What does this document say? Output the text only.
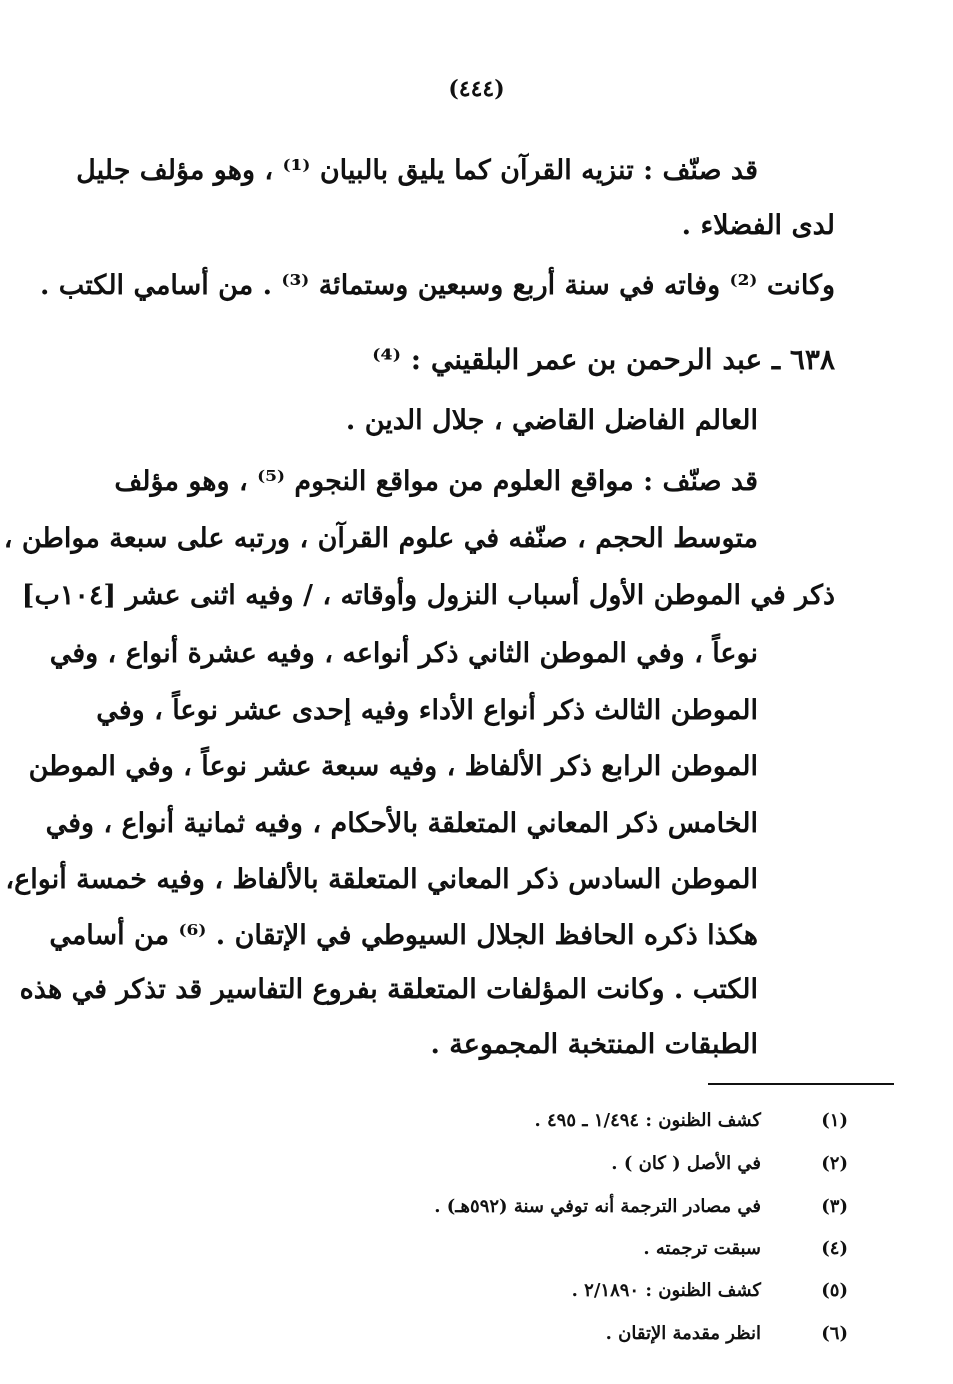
(٤٤٤)
قد صنّف : تنزيه القرآن كما يليق بالبيان ⁽¹⁾ ، وهو مؤلف جليل
لدى الفضلاء .
وكانت ⁽²⁾ وفاته في سنة أربع وسبعين وستمائة ⁽³⁾ . من أسامي الكتب .
٦٣٨ ـ عبد الرحمن بن عمر البلقيني : ⁽⁴⁾
العالم الفاضل القاضي ، جلال الدين .
قد صنّف : مواقع العلوم من مواقع النجوم ⁽⁵⁾ ، وهو مؤلف
متوسط الحجم ، صنّفه في علوم القرآن ، ورتبه على سبعة مواطن ،
ذكر في الموطن الأول أسباب النزول وأوقاته ، / وفيه اثنى عشر [١٠٤ب]
نوعاً ، وفي الموطن الثاني ذكر أنواعه ، وفيه عشرة أنواع ، وفي
الموطن الثالث ذكر أنواع الأداء وفيه إحدى عشر نوعاً ، وفي
الموطن الرابع ذكر الألفاظ ، وفيه سبعة عشر نوعاً ، وفي الموطن
الخامس ذكر المعاني المتعلقة بالأحكام ، وفيه ثمانية أنواع ، وفي
الموطن السادس ذكر المعاني المتعلقة بالألفاظ ، وفيه خمسة أنواع،
هكذا ذكره الحافظ الجلال السيوطي في الإتقان . ⁽⁶⁾ من أسامي
الكتب . وكانت المؤلفات المتعلقة بفروع التفاسير قد تذكر في هذه
الطبقات المنتخبة المجموعة .
(١)
كشف الظنون : ١/٤٩٤ ـ ٤٩٥ .
(٢)
في الأصل ( كان ) .
(٣)
في مصادر الترجمة أنه توفي سنة (٥٩٢هـ) .
(٤)
سبقت ترجمته .
(٥)
كشف الظنون : ٢/١٨٩٠ .
(٦)
انظر مقدمة الإتقان .
